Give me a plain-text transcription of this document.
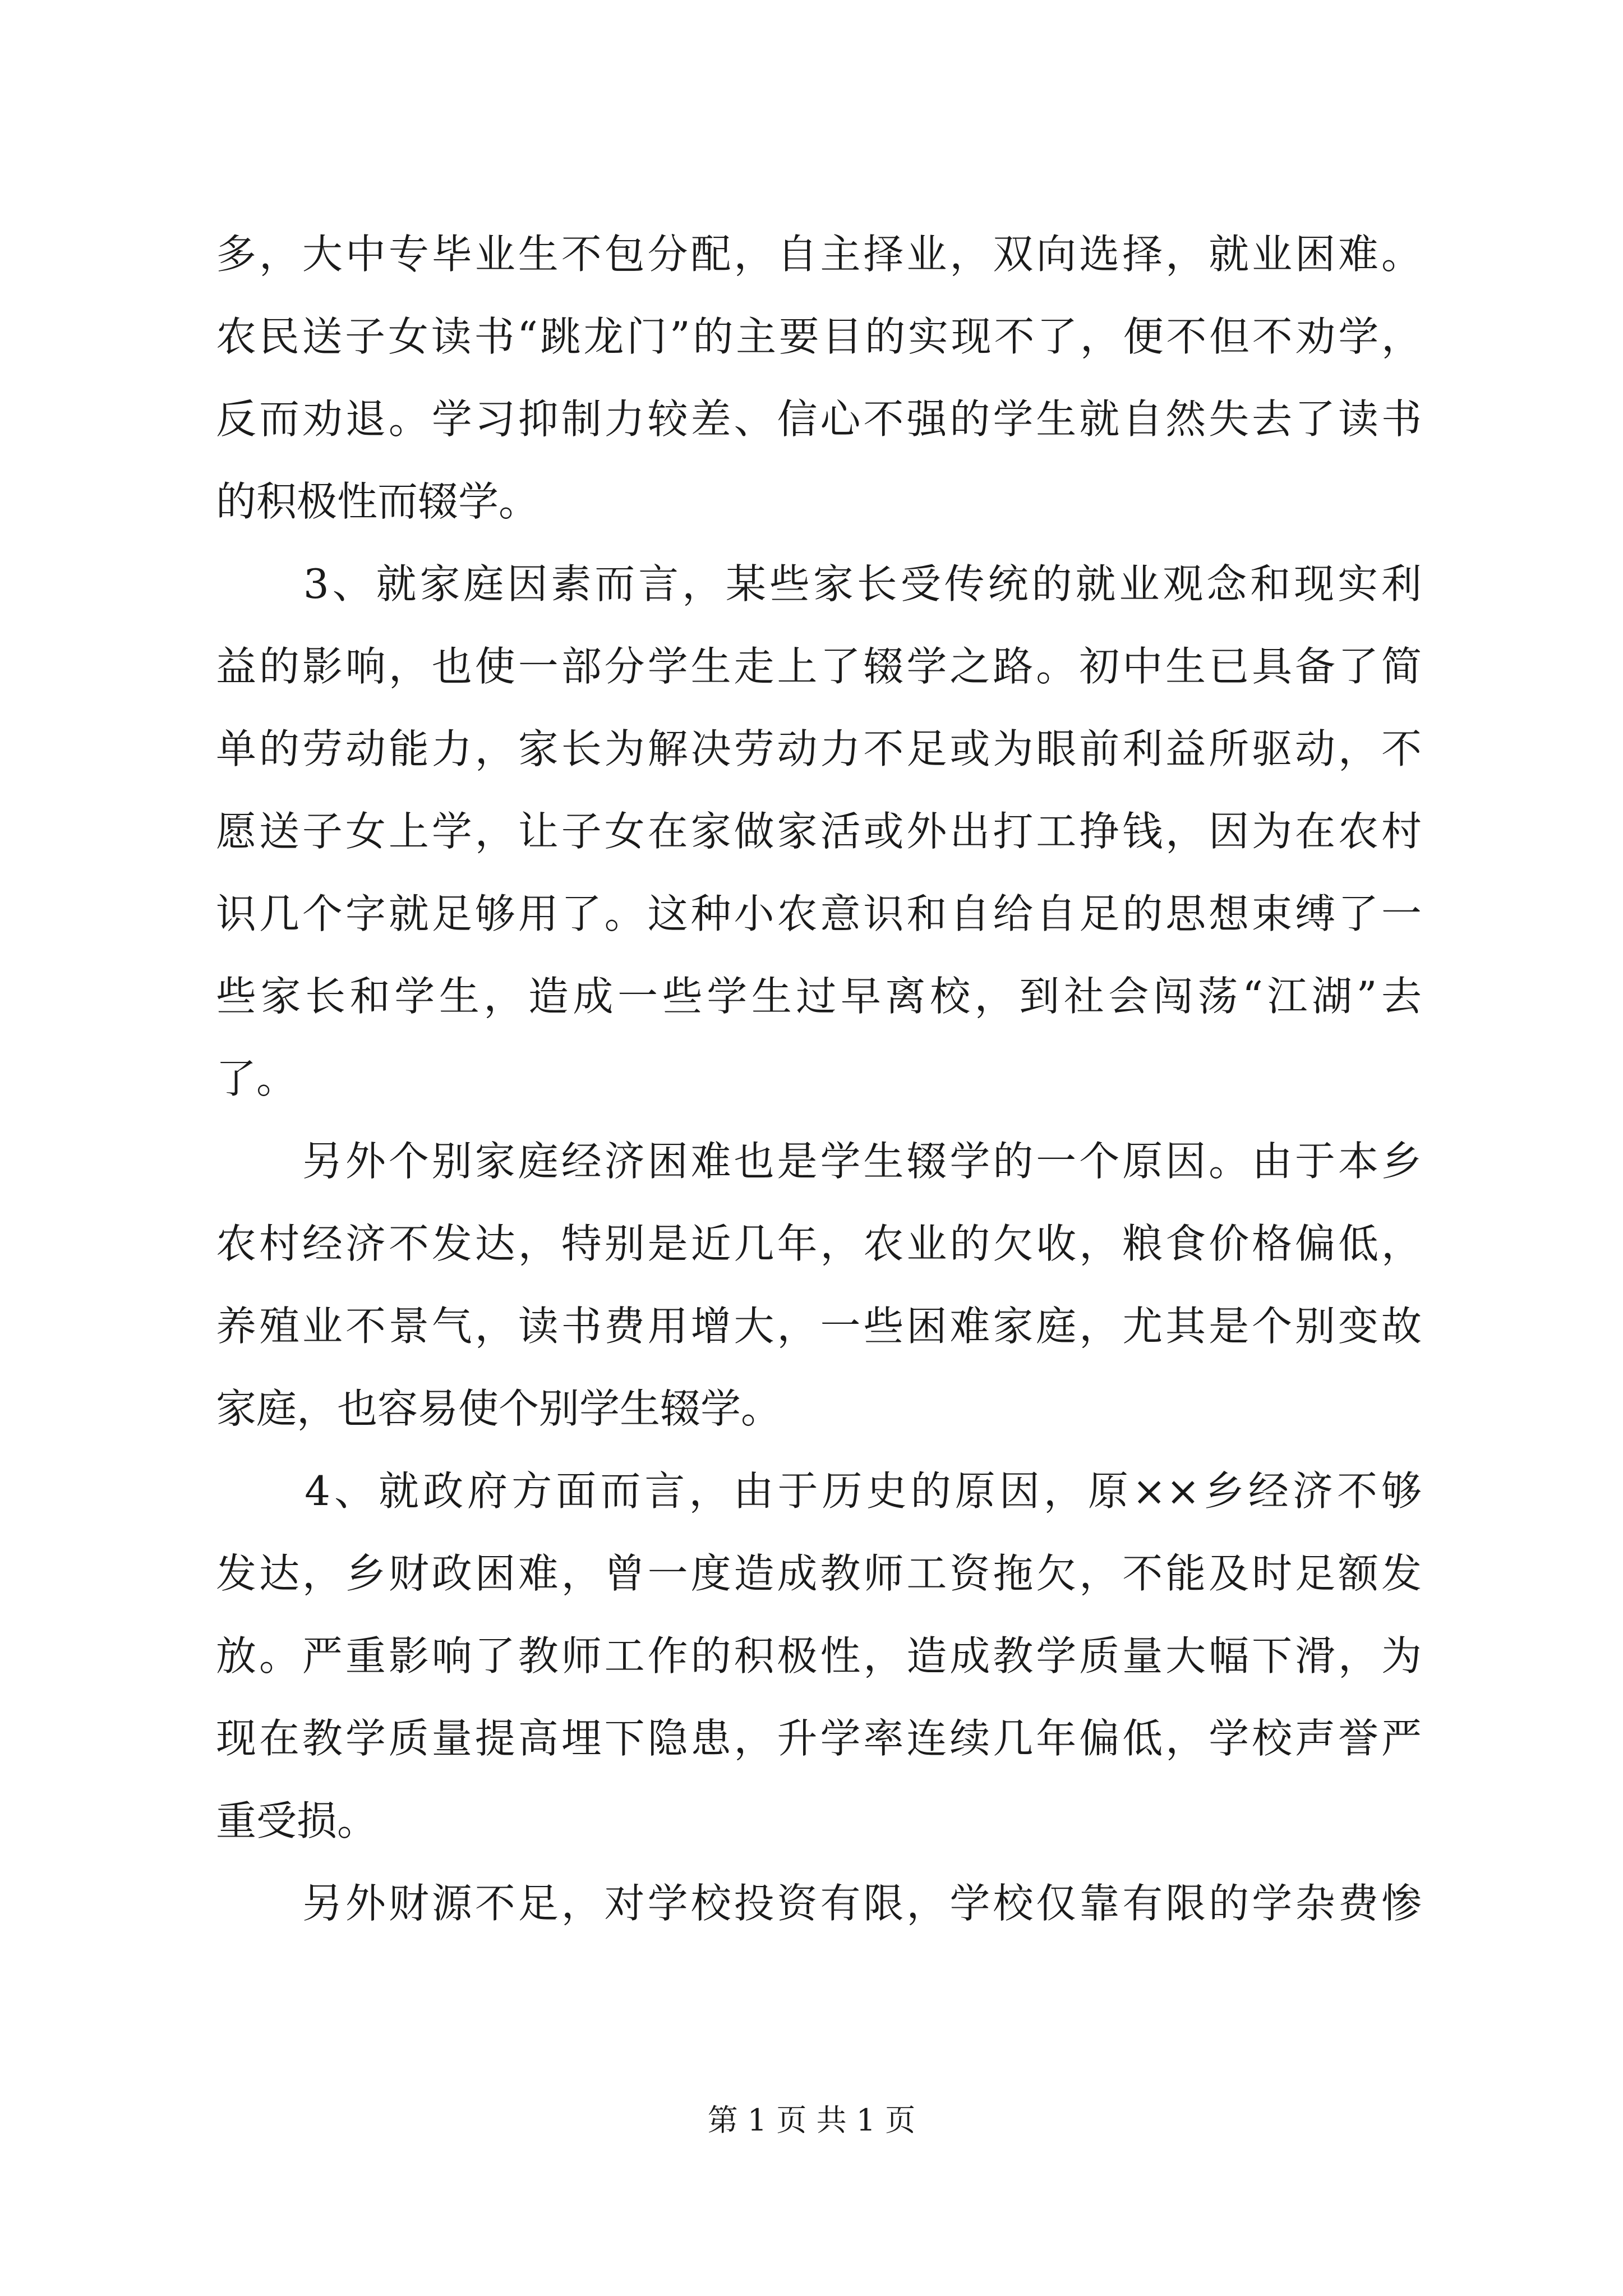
多，大中专毕业生不包分配，自主择业，双向选择，就业困难。
农民送子女读书“跳龙门”的主要目的实现不了，便不但不劝学，
反而劝退。学习抑制力较差、信心不强的学生就自然失去了读书
的积极性而辍学。
　　3、就家庭因素而言，某些家长受传统的就业观念和现实利
益的影响，也使一部分学生走上了辍学之路。初中生已具备了简
单的劳动能力，家长为解决劳动力不足或为眼前利益所驱动，不
愿送子女上学，让子女在家做家活或外出打工挣钱，因为在农村
识几个字就足够用了。这种小农意识和自给自足的思想束缚了一
些家长和学生，造成一些学生过早离校，到社会闯荡“江湖”去
了。
　　另外个别家庭经济困难也是学生辍学的一个原因。由于本乡
农村经济不发达，特别是近几年，农业的欠收，粮食价格偏低，
养殖业不景气，读书费用增大，一些困难家庭，尤其是个别变故
家庭，也容易使个别学生辍学。
　　4、就政府方面而言，由于历史的原因，原××乡经济不够
发达，乡财政困难，曾一度造成教师工资拖欠，不能及时足额发
放。严重影响了教师工作的积极性，造成教学质量大幅下滑，为
现在教学质量提高埋下隐患，升学率连续几年偏低，学校声誉严
重受损。
　　另外财源不足，对学校投资有限，学校仅靠有限的学杂费惨
第 1 页 共 1 页
